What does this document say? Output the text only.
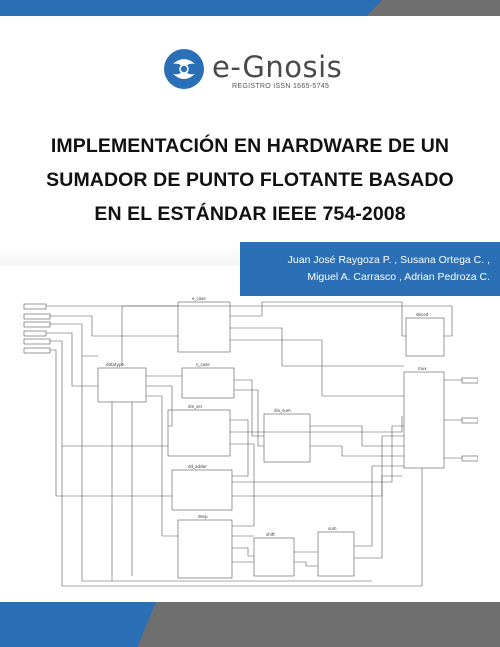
e-Gnosis
REGISTRO ISSN 1665-5745
IMPLEMENTACIÓN EN HARDWARE DE UN
SUMADOR DE PUNTO FLOTANTE BASADO
EN EL ESTÁNDAR IEEE 754-2008
Juan José Raygoza P. , Susana Ortega C. ,
Miguel A. Carrasco , Adrian Pedroza C.
e_case
datatype	n_case
din_sel
din_sum
dd_adder
desp
shift
sum
decod
mux
